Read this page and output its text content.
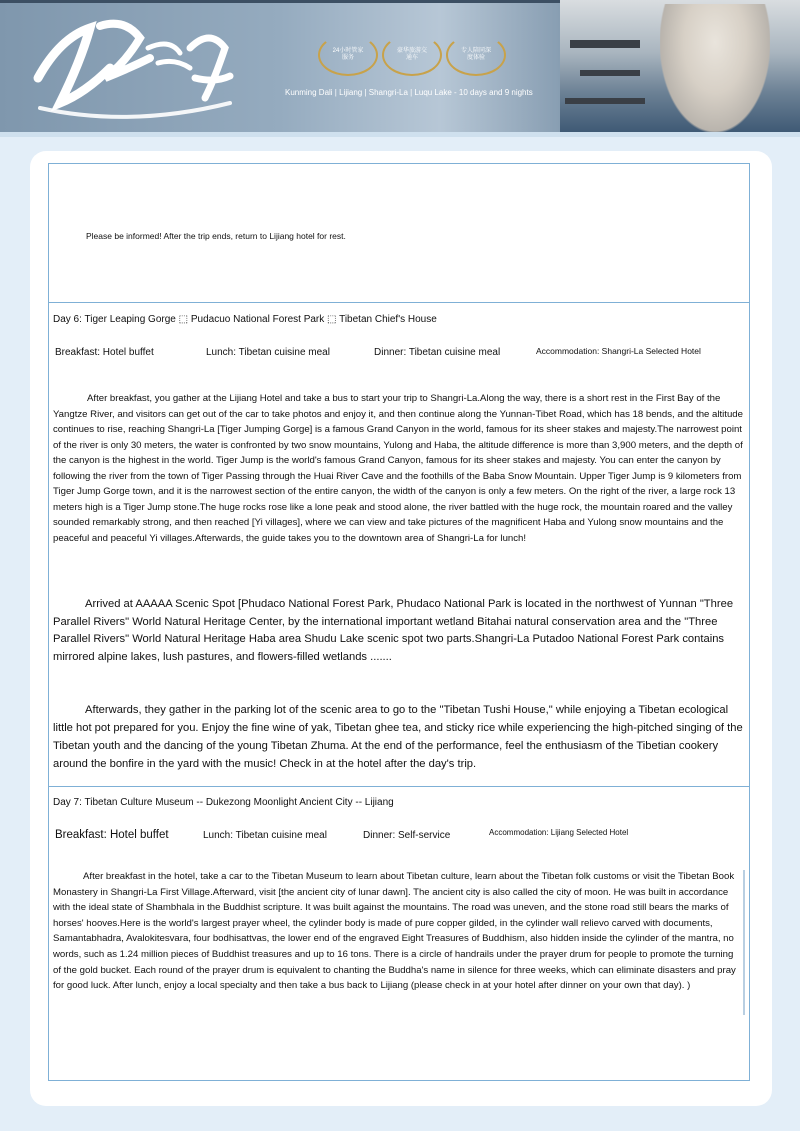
24小时管家服务
豪华旅游交通车
专人陪同深度体验
Kunming Dali | Lijiang | Shangri-La | Luqu Lake - 10 days and 9 nights
Please be informed! After the trip ends, return to Lijiang hotel for rest.
Day 6: Tiger Leaping Gorge ⬚ Pudacuo National Forest Park ⬚ Tibetan Chief's House
Breakfast: Hotel buffet	Lunch: Tibetan cuisine meal	Dinner: Tibetan cuisine meal	Accommodation: Shangri-La Selected Hotel
After breakfast, you gather at the Lijiang Hotel and take a bus to start your trip to Shangri-La.Along the way, there is a short rest in the First Bay of the Yangtze River, and visitors can get out of the car to take photos and enjoy it, and then continue along the Yunnan-Tibet Road, which has 18 bends, and the altitude continues to rise, reaching Shangri-La [Tiger Jumping Gorge] is a famous Grand Canyon in the world, famous for its sheer stakes and majesty.The narrowest point of the river is only 30 meters, the water is confronted by two snow mountains, Yulong and Haba, the altitude difference is more than 3,900 meters, and the depth of the canyon is the highest in the world. Tiger Jump is the world's famous Grand Canyon, famous for its sheer stakes and majesty. You can enter the canyon by following the river from the town of Tiger Passing through the Huai River Cave and the foothills of the Baba Snow Mountain. Upper Tiger Jump is 9 kilometers from Tiger Jump Gorge town, and it is the narrowest section of the entire canyon, the width of the canyon is only a few meters. On the right of the river, a large rock 13 meters high is a Tiger Jump stone.The huge rocks rose like a lone peak and stood alone, the river battled with the huge rock, the mountain roared and the valley sounded remarkably strong, and then reached [Yi villages], where we can view and take pictures of the magnificent Haba and Yulong snow mountains and the peaceful and peaceful Yi villages.Afterwards, the guide takes you to the downtown area of Shangri-La for lunch!
Arrived at AAAAA Scenic Spot [Phudaco National Forest Park, Phudaco National Park is located in the northwest of Yunnan "Three Parallel Rivers" World Natural Heritage Center, by the international important wetland Bitahai natural conservation area and the "Three Parallel Rivers" World Natural Heritage Haba area Shudu Lake scenic spot two parts.Shangri-La Putadoo National Forest Park contains mirrored alpine lakes, lush pastures, and flowers-filled wetlands .......
Afterwards, they gather in the parking lot of the scenic area to go to the "Tibetan Tushi House," while enjoying a Tibetan ecological little hot pot prepared for you. Enjoy the fine wine of yak, Tibetan ghee tea, and sticky rice while experiencing the high-pitched singing of the Tibetan youth and the dancing of the young Tibetan Zhuma. At the end of the performance, feel the enthusiasm of the Tibetian cookery around the bonfire in the yard with the music! Check in at the hotel after the day's trip.
Day 7: Tibetan Culture Museum -- Dukezong Moonlight Ancient City -- Lijiang
Breakfast: Hotel buffet	Lunch: Tibetan cuisine meal	Dinner: Self-service	Accommodation: Lijiang Selected Hotel
After breakfast in the hotel, take a car to the Tibetan Museum to learn about Tibetan culture, learn about the Tibetan folk customs or visit the Tibetan Book Monastery in Shangri-La First Village.Afterward, visit [the ancient city of lunar dawn]. The ancient city is also called the city of moon. He was built in accordance with the ideal state of Shambhala in the Buddhist scripture. It was built against the mountains. The road was uneven, and the stone road still bears the marks of horses' hooves.Here is the world's largest prayer wheel, the cylinder body is made of pure copper gilded, in the cylinder wall relievo carved with documents, Samantabhadra, Avalokitesvara, four bodhisattvas, the lower end of the engraved Eight Treasures of Buddhism, also hidden inside the cylinder of the mantra, no words, such as 1.24 million pieces of Buddhist treasures and up to 16 tons. There is a circle of handrails under the prayer drum for people to promote the turning of the gold bucket. Each round of the prayer drum is equivalent to chanting the Buddha's name in silence for three weeks, which can eliminate disasters and pray for good luck. After lunch, enjoy a local specialty and then take a bus back to Lijiang (please check in at your hotel after dinner on your own that day). )
